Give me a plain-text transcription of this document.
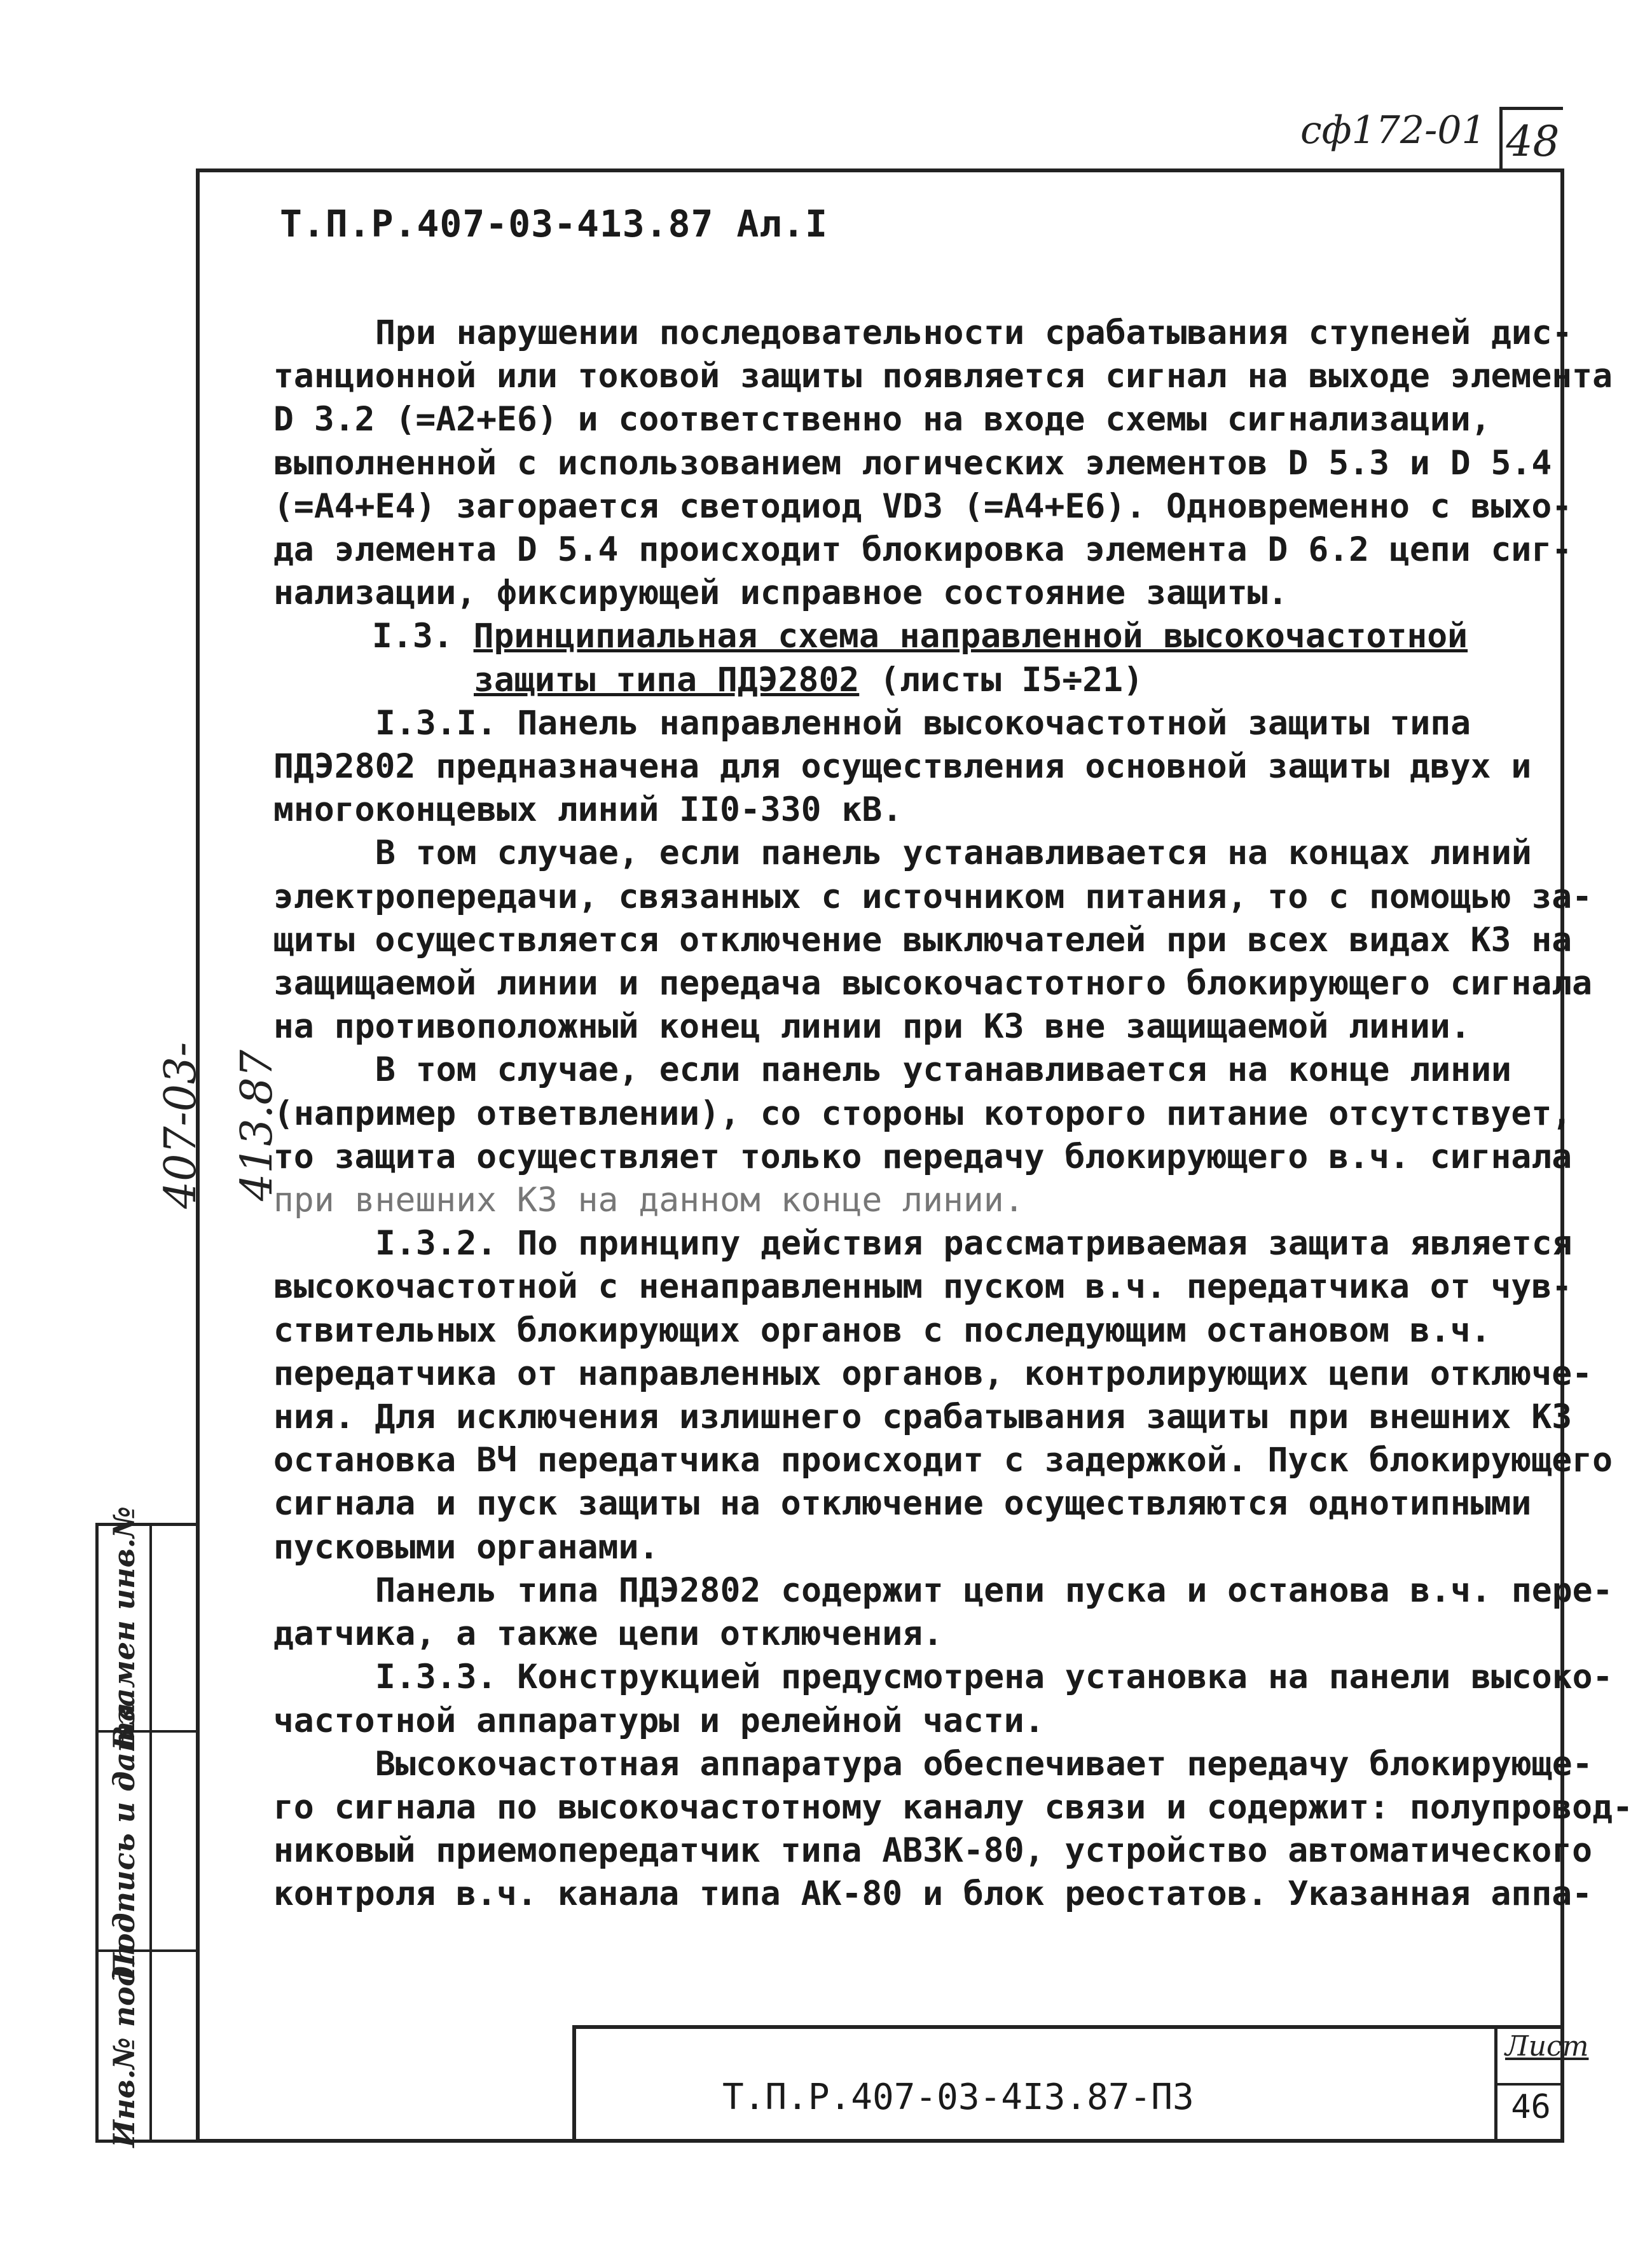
сф172-01 48
Т.П.Р.407-03-413.87 Ал.I

При нарушении последовательности срабатывания ступеней дис-

танционной или токовой защиты появляется сигнал на выходе элемента

D 3.2 (=А2+Е6) и соответственно на входе схемы сигнализации,

выполненной с использованием логических элементов D 5.3 и D 5.4

(=А4+Е4) загорается светодиод VD3 (=А4+Е6). Одновременно с выхо-

да элемента D 5.4 происходит блокировка элемента D 6.2 цепи сиг-

нализации, фиксирующей исправное состояние защиты.

I.3. Принципиальная схема направленной высокочастотной

защиты типа ПДЭ2802 (листы I5÷21)

I.3.I. Панель направленной высокочастотной защиты типа

ПДЭ2802 предназначена для осуществления основной защиты двух и

многоконцевых линий II0-330 кВ.

В том случае, если панель устанавливается на концах линий

электропередачи, связанных с источником питания, то с помощью за-

щиты осуществляется отключение выключателей при всех видах КЗ на

защищаемой линии и передача высокочастотного блокирующего сигнала

на противоположный конец линии при КЗ вне защищаемой линии.

В том случае, если панель устанавливается на конце линии

(например ответвлении), со стороны которого питание отсутствует,

то защита осуществляет только передачу блокирующего в.ч. сигнала

при внешних КЗ на данном конце линии.

I.3.2. По принципу действия рассматриваемая защита является

высокочастотной с ненаправленным пуском в.ч. передатчика от чув-

ствительных блокирующих органов с последующим остановом в.ч.

передатчика от направленных органов, контролирующих цепи отключе-

ния. Для исключения излишнего срабатывания защиты при внешних КЗ

остановка ВЧ передатчика происходит с задержкой. Пуск блокирующего

сигнала и пуск защиты на отключение осуществляются однотипными

пусковыми органами.

Панель типа ПДЭ2802 содержит цепи пуска и останова в.ч. пере-

датчика, а также цепи отключения.

I.3.3. Конструкцией предусмотрена установка на панели высоко-

частотной аппаратуры и релейной части.

Высокочастотная аппаратура обеспечивает передачу блокирующе-

го сигнала по высокочастотному каналу связи и содержит: полупровод-

никовый приемопередатчик типа АВЗК-80, устройство автоматического

контроля в.ч. канала типа АК-80 и блок реостатов. Указанная аппа-

407-03-413.87
Взамен инв.№
Подпись и дата
Инв.№ подл	Т.П.Р.407-03-4I3.87-ПЗ
Лист
46
